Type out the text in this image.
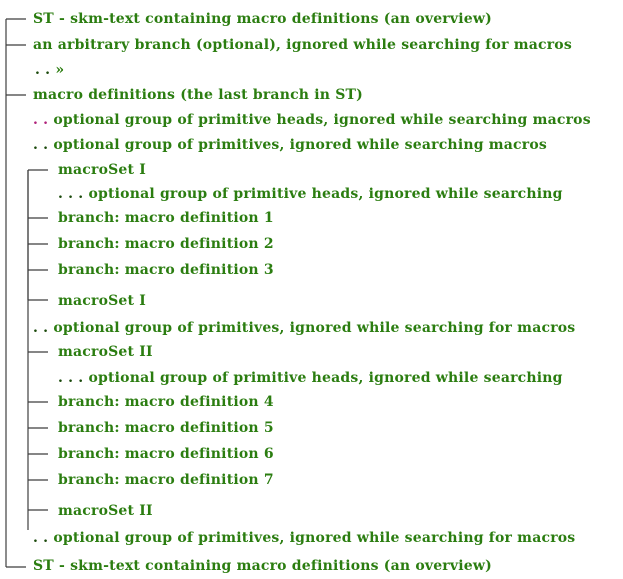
ST - skm-text containing macro definitions (an overview)
an arbitrary branch (optional), ignored while searching for macros
. . »
macro definitions (the last branch in ST)
. . optional group of primitive heads, ignored while searching macros
. . optional group of primitives, ignored while searching macros
macroSet I
. . . optional group of primitive heads, ignored while searching
branch: macro definition 1
branch: macro definition 2
branch: macro definition 3
macroSet I
. . optional group of primitives, ignored while searching for macros
macroSet II
. . . optional group of primitive heads, ignored while searching
branch: macro definition 4
branch: macro definition 5
branch: macro definition 6
branch: macro definition 7
macroSet II
. . optional group of primitives, ignored while searching for macros
ST - skm-text containing macro definitions (an overview)
